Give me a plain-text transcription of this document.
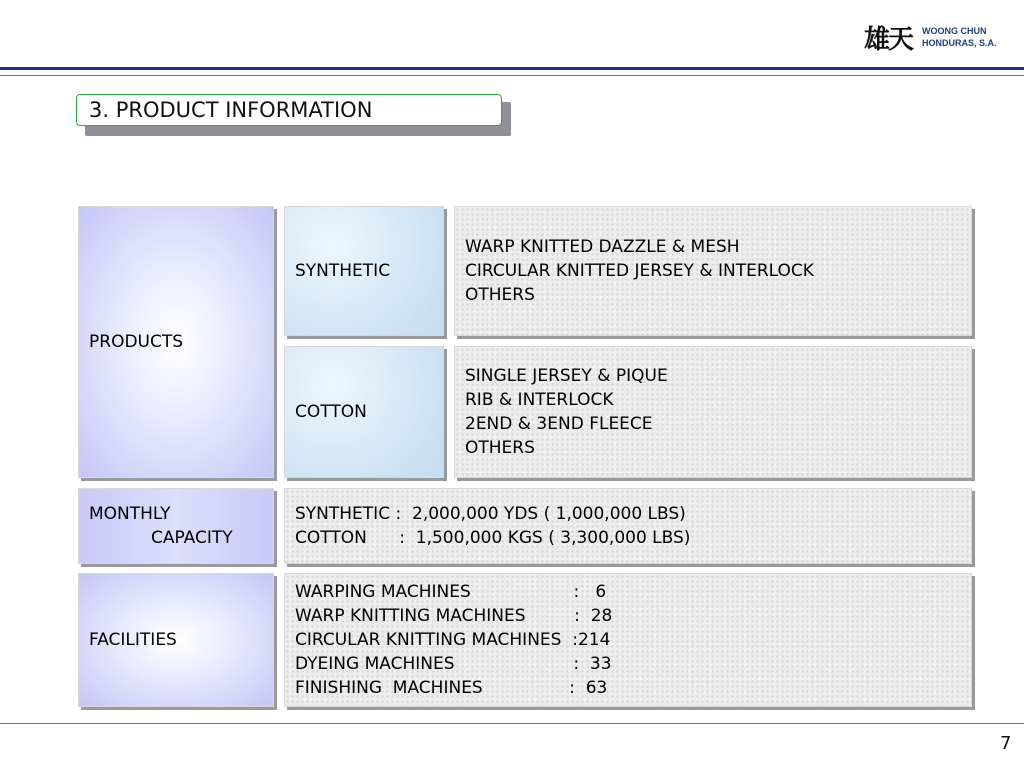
雄天	WOONG CHUN
HONDURAS, S.A.
3. PRODUCT INFORMATION
PRODUCTS
SYNTHETIC
WARP KNITTED DAZZLE & MESH
CIRCULAR KNITTED JERSEY & INTERLOCK
OTHERS
COTTON
SINGLE JERSEY & PIQUE
RIB & INTERLOCK
2END & 3END FLEECE
OTHERS
MONTHLY
CAPACITY
SYNTHETIC :  2,000,000 YDS ( 1,000,000 LBS)
COTTON      :  1,500,000 KGS ( 3,300,000 LBS)
FACILITIES
WARPING MACHINES                   :   6
WARP KNITTING MACHINES         :  28
CIRCULAR KNITTING MACHINES  :214
DYEING MACHINES                      :  33
FINISHING  MACHINES                :  63
7
